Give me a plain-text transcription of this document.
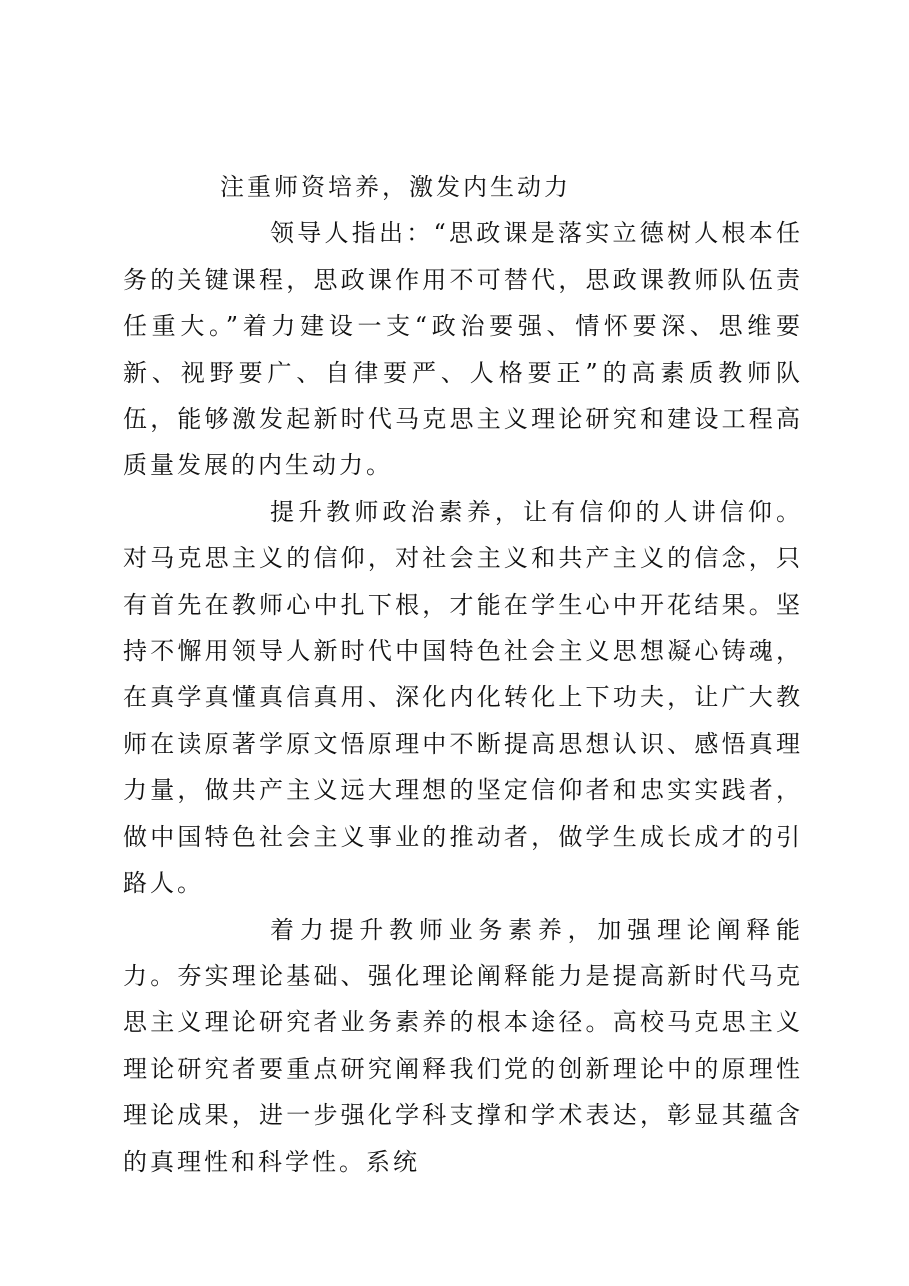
注重师资培养，激发内生动力

领导人指出：“思政课是落实立德树人根本任务的关键课程，思政课作用不可替代，思政课教师队伍责任重大。”着力建设一支“政治要强、情怀要深、思维要新、视野要广、自律要严、人格要正”的高素质教师队伍，能够激发起新时代马克思主义理论研究和建设工程高质量发展的内生动力。

提升教师政治素养，让有信仰的人讲信仰。对马克思主义的信仰，对社会主义和共产主义的信念，只有首先在教师心中扎下根，才能在学生心中开花结果。坚持不懈用领导人新时代中国特色社会主义思想凝心铸魂，在真学真懂真信真用、深化内化转化上下功夫，让广大教师在读原著学原文悟原理中不断提高思想认识、感悟真理力量，做共产主义远大理想的坚定信仰者和忠实实践者，做中国特色社会主义事业的推动者，做学生成长成才的引路人。

着力提升教师业务素养，加强理论阐释能力。夯实理论基础、强化理论阐释能力是提高新时代马克思主义理论研究者业务素养的根本途径。高校马克思主义理论研究者要重点研究阐释我们党的创新理论中的原理性理论成果，进一步强化学科支撑和学术表达，彰显其蕴含的真理性和科学性。系统
